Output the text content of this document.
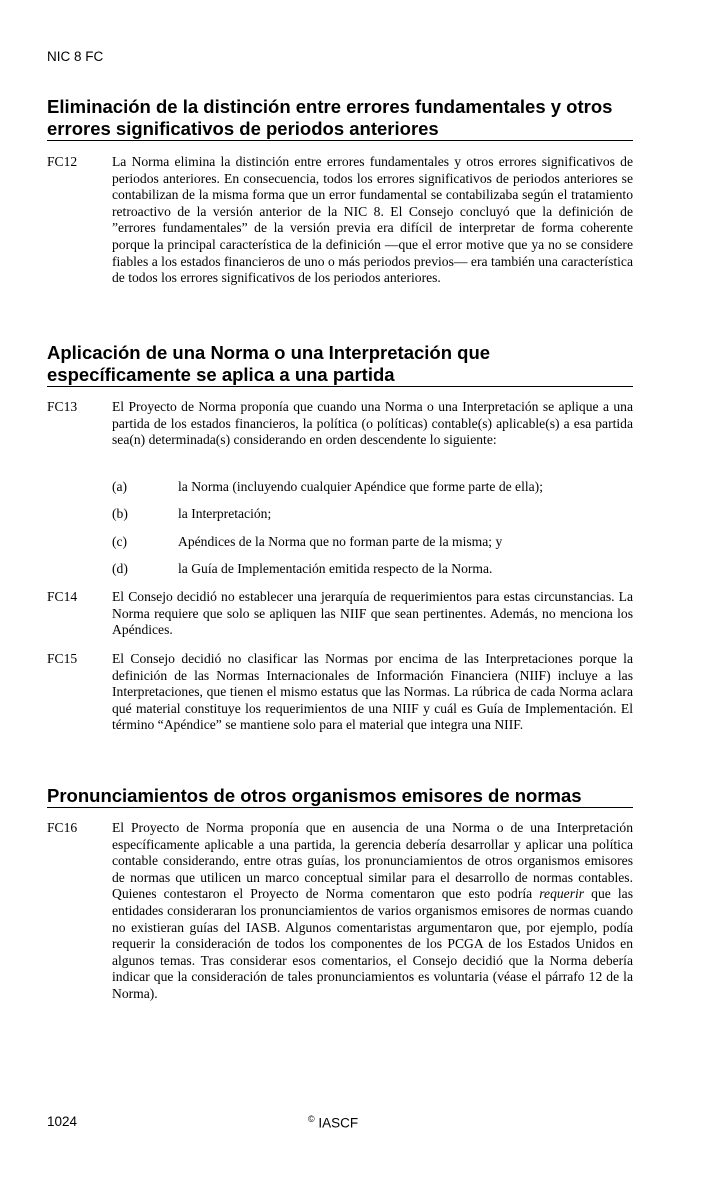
NIC 8 FC
Eliminación de la distinción entre errores fundamentales y otros errores significativos de periodos anteriores
FC12	La Norma elimina la distinción entre errores fundamentales y otros errores significativos de periodos anteriores. En consecuencia, todos los errores significativos de periodos anteriores se contabilizan de la misma forma que un error fundamental se contabilizaba según el tratamiento retroactivo de la versión anterior de la NIC 8. El Consejo concluyó que la definición de ”errores fundamentales” de la versión previa era difícil de interpretar de forma coherente porque la principal característica de la definición —que el error motive que ya no se considere fiables a los estados financieros de uno o más periodos previos— era también una característica de todos los errores significativos de los periodos anteriores.
Aplicación de una Norma o una Interpretación que específicamente se aplica a una partida
FC13	El Proyecto de Norma proponía que cuando una Norma o una Interpretación se aplique a una partida de los estados financieros, la política (o políticas) contable(s) aplicable(s) a esa partida sea(n) determinada(s) considerando en orden descendente lo siguiente:
(a)	la Norma (incluyendo cualquier Apéndice que forme parte de ella);
(b)	la Interpretación;
(c)	Apéndices de la Norma que no forman parte de la misma; y
(d)	la Guía de Implementación emitida respecto de la Norma.
FC14	El Consejo decidió no establecer una jerarquía de requerimientos para estas circunstancias. La Norma requiere que solo se apliquen las NIIF que sean pertinentes. Además, no menciona los Apéndices.
FC15	El Consejo decidió no clasificar las Normas por encima de las Interpretaciones porque la definición de las Normas Internacionales de Información Financiera (NIIF) incluye a las Interpretaciones, que tienen el mismo estatus que las Normas. La rúbrica de cada Norma aclara qué material constituye los requerimientos de una NIIF y cuál es Guía de Implementación. El término “Apéndice” se mantiene solo para el material que integra una NIIF.
Pronunciamientos de otros organismos emisores de normas
FC16	El Proyecto de Norma proponía que en ausencia de una Norma o de una Interpretación específicamente aplicable a una partida, la gerencia debería desarrollar y aplicar una política contable considerando, entre otras guías, los pronunciamientos de otros organismos emisores de normas que utilicen un marco conceptual similar para el desarrollo de normas contables. Quienes contestaron el Proyecto de Norma comentaron que esto podría requerir que las entidades consideraran los pronunciamientos de varios organismos emisores de normas cuando no existieran guías del IASB. Algunos comentaristas argumentaron que, por ejemplo, podía requerir la consideración de todos los componentes de los PCGA de los Estados Unidos en algunos temas. Tras considerar esos comentarios, el Consejo decidió que la Norma debería indicar que la consideración de tales pronunciamientos es voluntaria (véase el párrafo 12 de la Norma).
1024	© IASCF
